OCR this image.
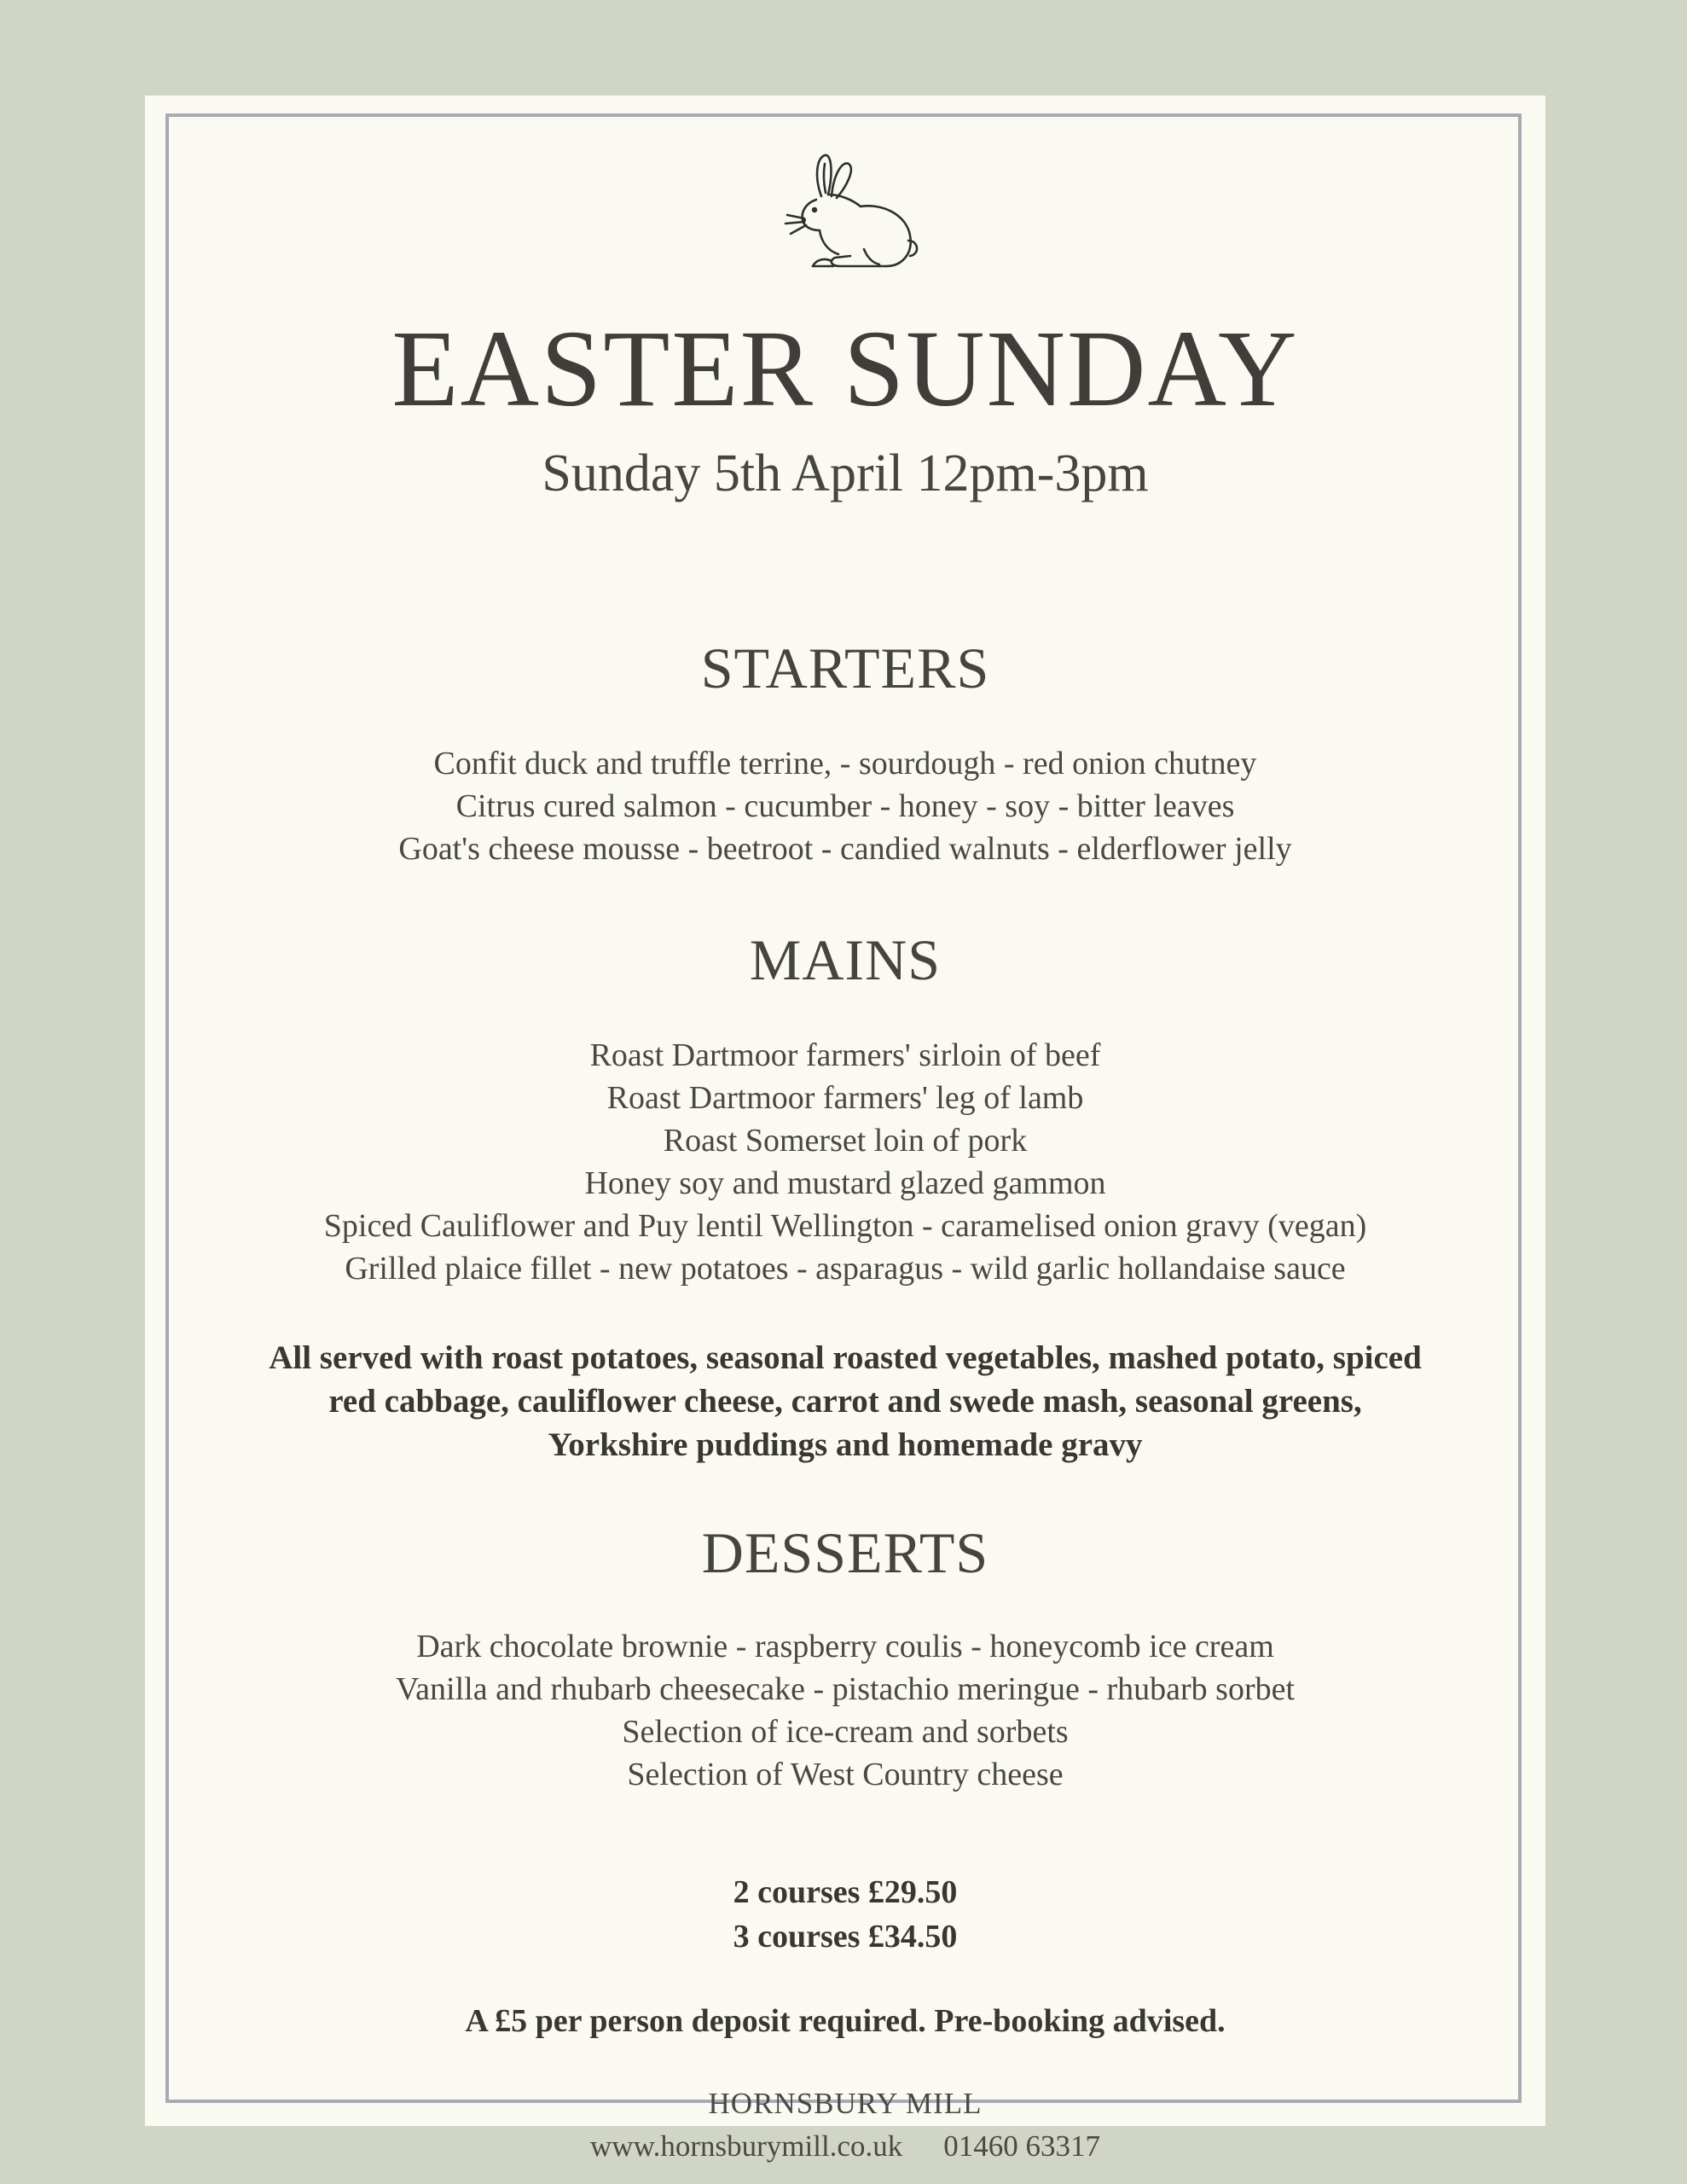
EASTER SUNDAY
Sunday 5th April 12pm-3pm
STARTERS
Confit duck and truffle terrine, - sourdough - red onion chutney
Citrus cured salmon - cucumber - honey - soy - bitter leaves
Goat's cheese mousse - beetroot - candied walnuts - elderflower jelly
MAINS
Roast Dartmoor farmers' sirloin of beef
Roast Dartmoor farmers' leg of lamb
Roast Somerset loin of pork
Honey soy and mustard glazed gammon
Spiced Cauliflower and Puy lentil Wellington - caramelised onion gravy (vegan)
Grilled plaice fillet - new potatoes - asparagus - wild garlic hollandaise sauce
All served with roast potatoes, seasonal roasted vegetables, mashed potato, spiced
red cabbage, cauliflower cheese, carrot and swede mash, seasonal greens,
Yorkshire puddings and homemade gravy
DESSERTS
Dark chocolate brownie - raspberry coulis - honeycomb ice cream
Vanilla and rhubarb cheesecake - pistachio meringue - rhubarb sorbet
Selection of ice-cream and sorbets
Selection of West Country cheese
2 courses £29.50
3 courses £34.50
A £5 per person deposit required. Pre-booking advised.
HORNSBURY MILL
www.hornsburymill.co.uk 01460 63317
